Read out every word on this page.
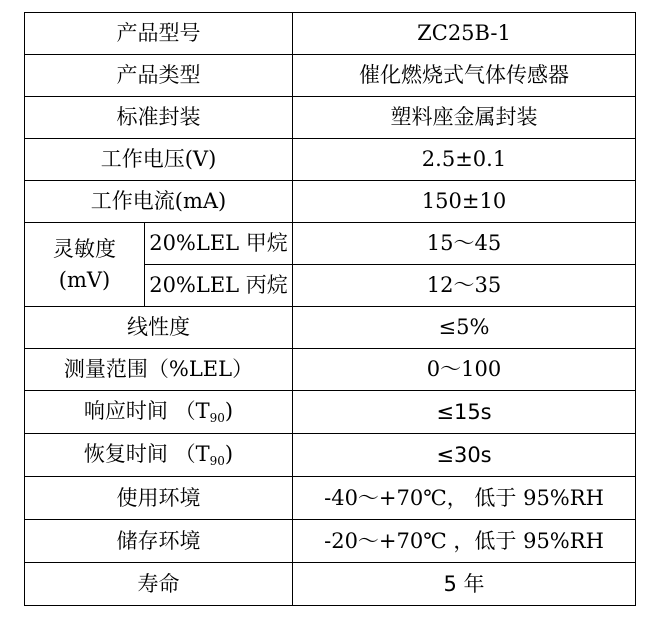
产品型号		ZC25B-1
产品类型		催化燃烧式气体传感器
标准封装		塑料座金属封装
工作电压(V)		2.5±0.1
工作电流(mA)		150±10
灵敏度
(mV)	20%LEL 甲烷	15～45
	20%LEL 丙烷	12～35
线性度		≤5%
测量范围（%LEL）		0～100
响应时间 $(T_{90})$		≤15s
恢复时间 $(T_{90})$		≤30s
使用环境		-40～+70℃， 低于 95%RH
储存环境		-20～+70℃ ，低于 95%RH
寿命		5 年
